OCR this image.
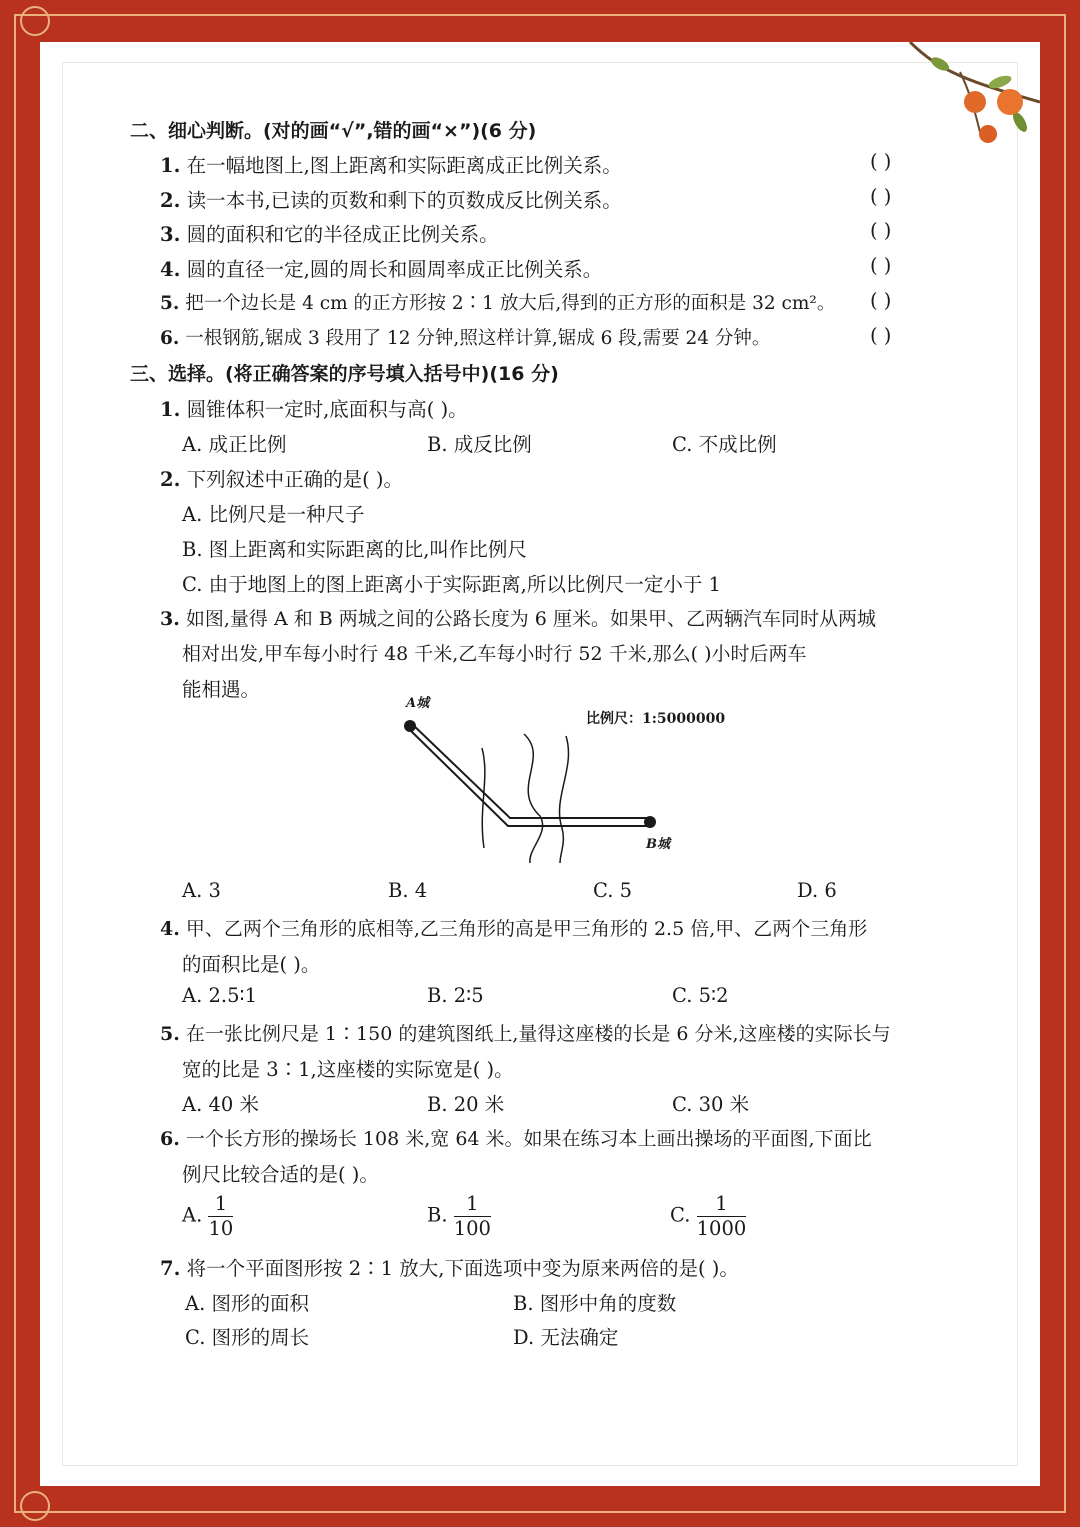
二、细心判断。(对的画“√”,错的画“×”)(6 分)
1. 在一幅地图上,图上距离和实际距离成正比例关系。	( )
2. 读一本书,已读的页数和剩下的页数成反比例关系。	( )
3. 圆的面积和它的半径成正比例关系。	( )
4. 圆的直径一定,圆的周长和圆周率成正比例关系。	( )
5. 把一个边长是 4 cm 的正方形按 2∶1 放大后,得到的正方形的面积是 32 cm²。 ( )
6. 一根钢筋,锯成 3 段用了 12 分钟,照这样计算,锯成 6 段,需要 24 分钟。	( )
三、选择。(将正确答案的序号填入括号中)(16 分)
1. 圆锥体积一定时,底面积与高( )。
A. 成正比例	B. 成反比例	C. 不成比例
2. 下列叙述中正确的是( )。
A. 比例尺是一种尺子
B. 图上距离和实际距离的比,叫作比例尺
C. 由于地图上的图上距离小于实际距离,所以比例尺一定小于 1
3. 如图,量得 A 和 B 两城之间的公路长度为 6 厘米。如果甲、乙两辆汽车同时从两城
相对出发,甲车每小时行 48 千米,乙车每小时行 52 千米,那么( )小时后两车
能相遇。
A城
B城
比例尺：1:5000000
A. 3	B. 4	C. 5	D. 6
4. 甲、乙两个三角形的底相等,乙三角形的高是甲三角形的 2.5 倍,甲、乙两个三角形
的面积比是( )。
A. 2.5∶1	B. 2∶5	C. 5∶2
5. 在一张比例尺是 1∶150 的建筑图纸上,量得这座楼的长是 6 分米,这座楼的实际长与
宽的比是 3∶1,这座楼的实际宽是( )。
A. 40 米	B. 20 米	C. 30 米
6. 一个长方形的操场长 108 米,宽 64 米。如果在练习本上画出操场的平面图,下面比
例尺比较合适的是( )。
A. $\frac{1}{10}$	B. $\frac{1}{100}$	C. $\frac{1}{1000}$
7. 将一个平面图形按 2∶1 放大,下面选项中变为原来两倍的是( )。
A. 图形的面积	B. 图形中角的度数
C. 图形的周长	D. 无法确定
